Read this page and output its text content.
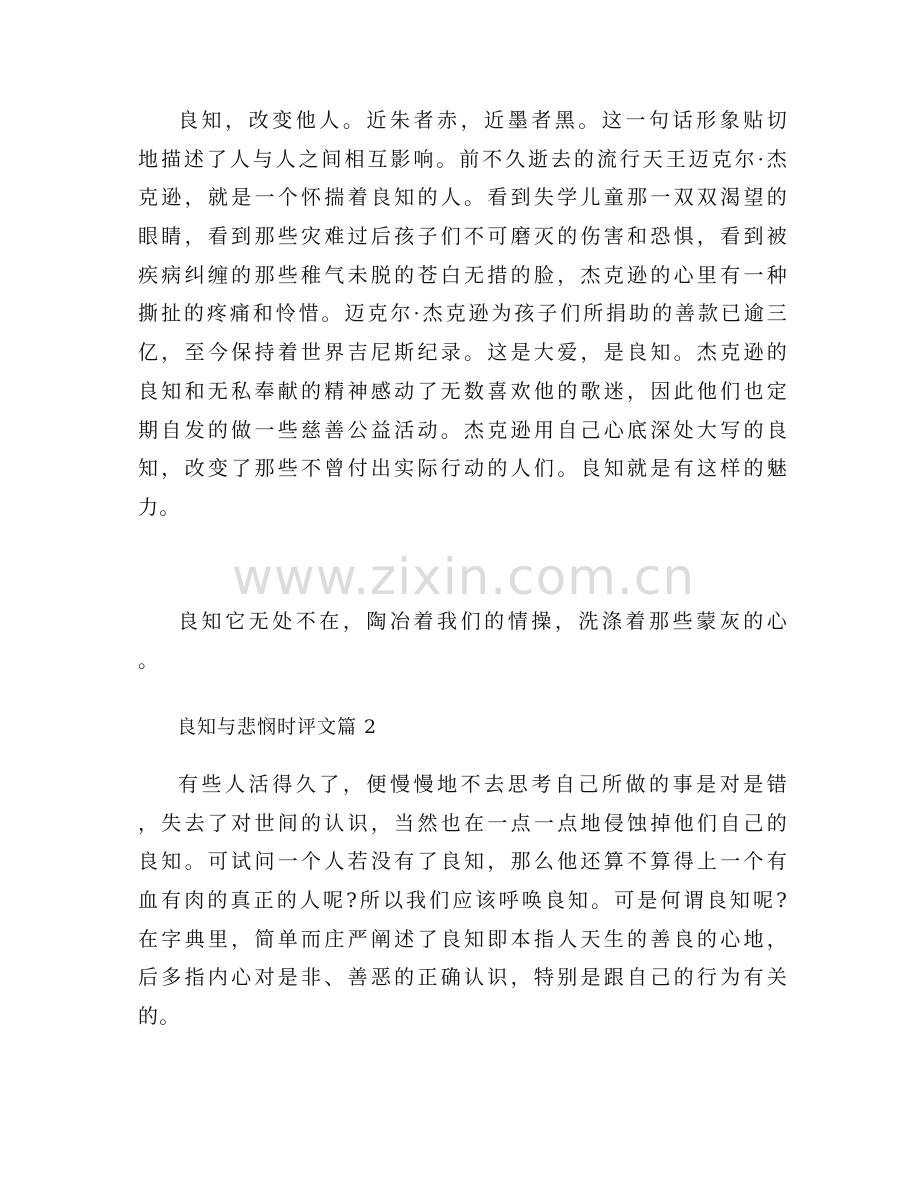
www.zixin.com.cn
良知，改变他人。近朱者赤，近墨者黑。这一句话形象贴切
地描述了人与人之间相互影响。前不久逝去的流行天王迈克尔·杰
克逊，就是一个怀揣着良知的人。看到失学儿童那一双双渴望的
眼睛，看到那些灾难过后孩子们不可磨灭的伤害和恐惧，看到被
疾病纠缠的那些稚气未脱的苍白无措的脸，杰克逊的心里有一种
撕扯的疼痛和怜惜。迈克尔·杰克逊为孩子们所捐助的善款已逾三
亿，至今保持着世界吉尼斯纪录。这是大爱，是良知。杰克逊的
良知和无私奉献的精神感动了无数喜欢他的歌迷，因此他们也定
期自发的做一些慈善公益活动。杰克逊用自己心底深处大写的良
知，改变了那些不曾付出实际行动的人们。良知就是有这样的魅
力。
良知它无处不在，陶冶着我们的情操，洗涤着那些蒙灰的心
。
良知与悲悯时评文篇 2
有些人活得久了，便慢慢地不去思考自己所做的事是对是错
，失去了对世间的认识，当然也在一点一点地侵蚀掉他们自己的
良知。可试问一个人若没有了良知，那么他还算不算得上一个有
血有肉的真正的人呢?所以我们应该呼唤良知。可是何谓良知呢?
在字典里，简单而庄严阐述了良知即本指人天生的善良的心地，
后多指内心对是非、善恶的正确认识，特别是跟自己的行为有关
的。
